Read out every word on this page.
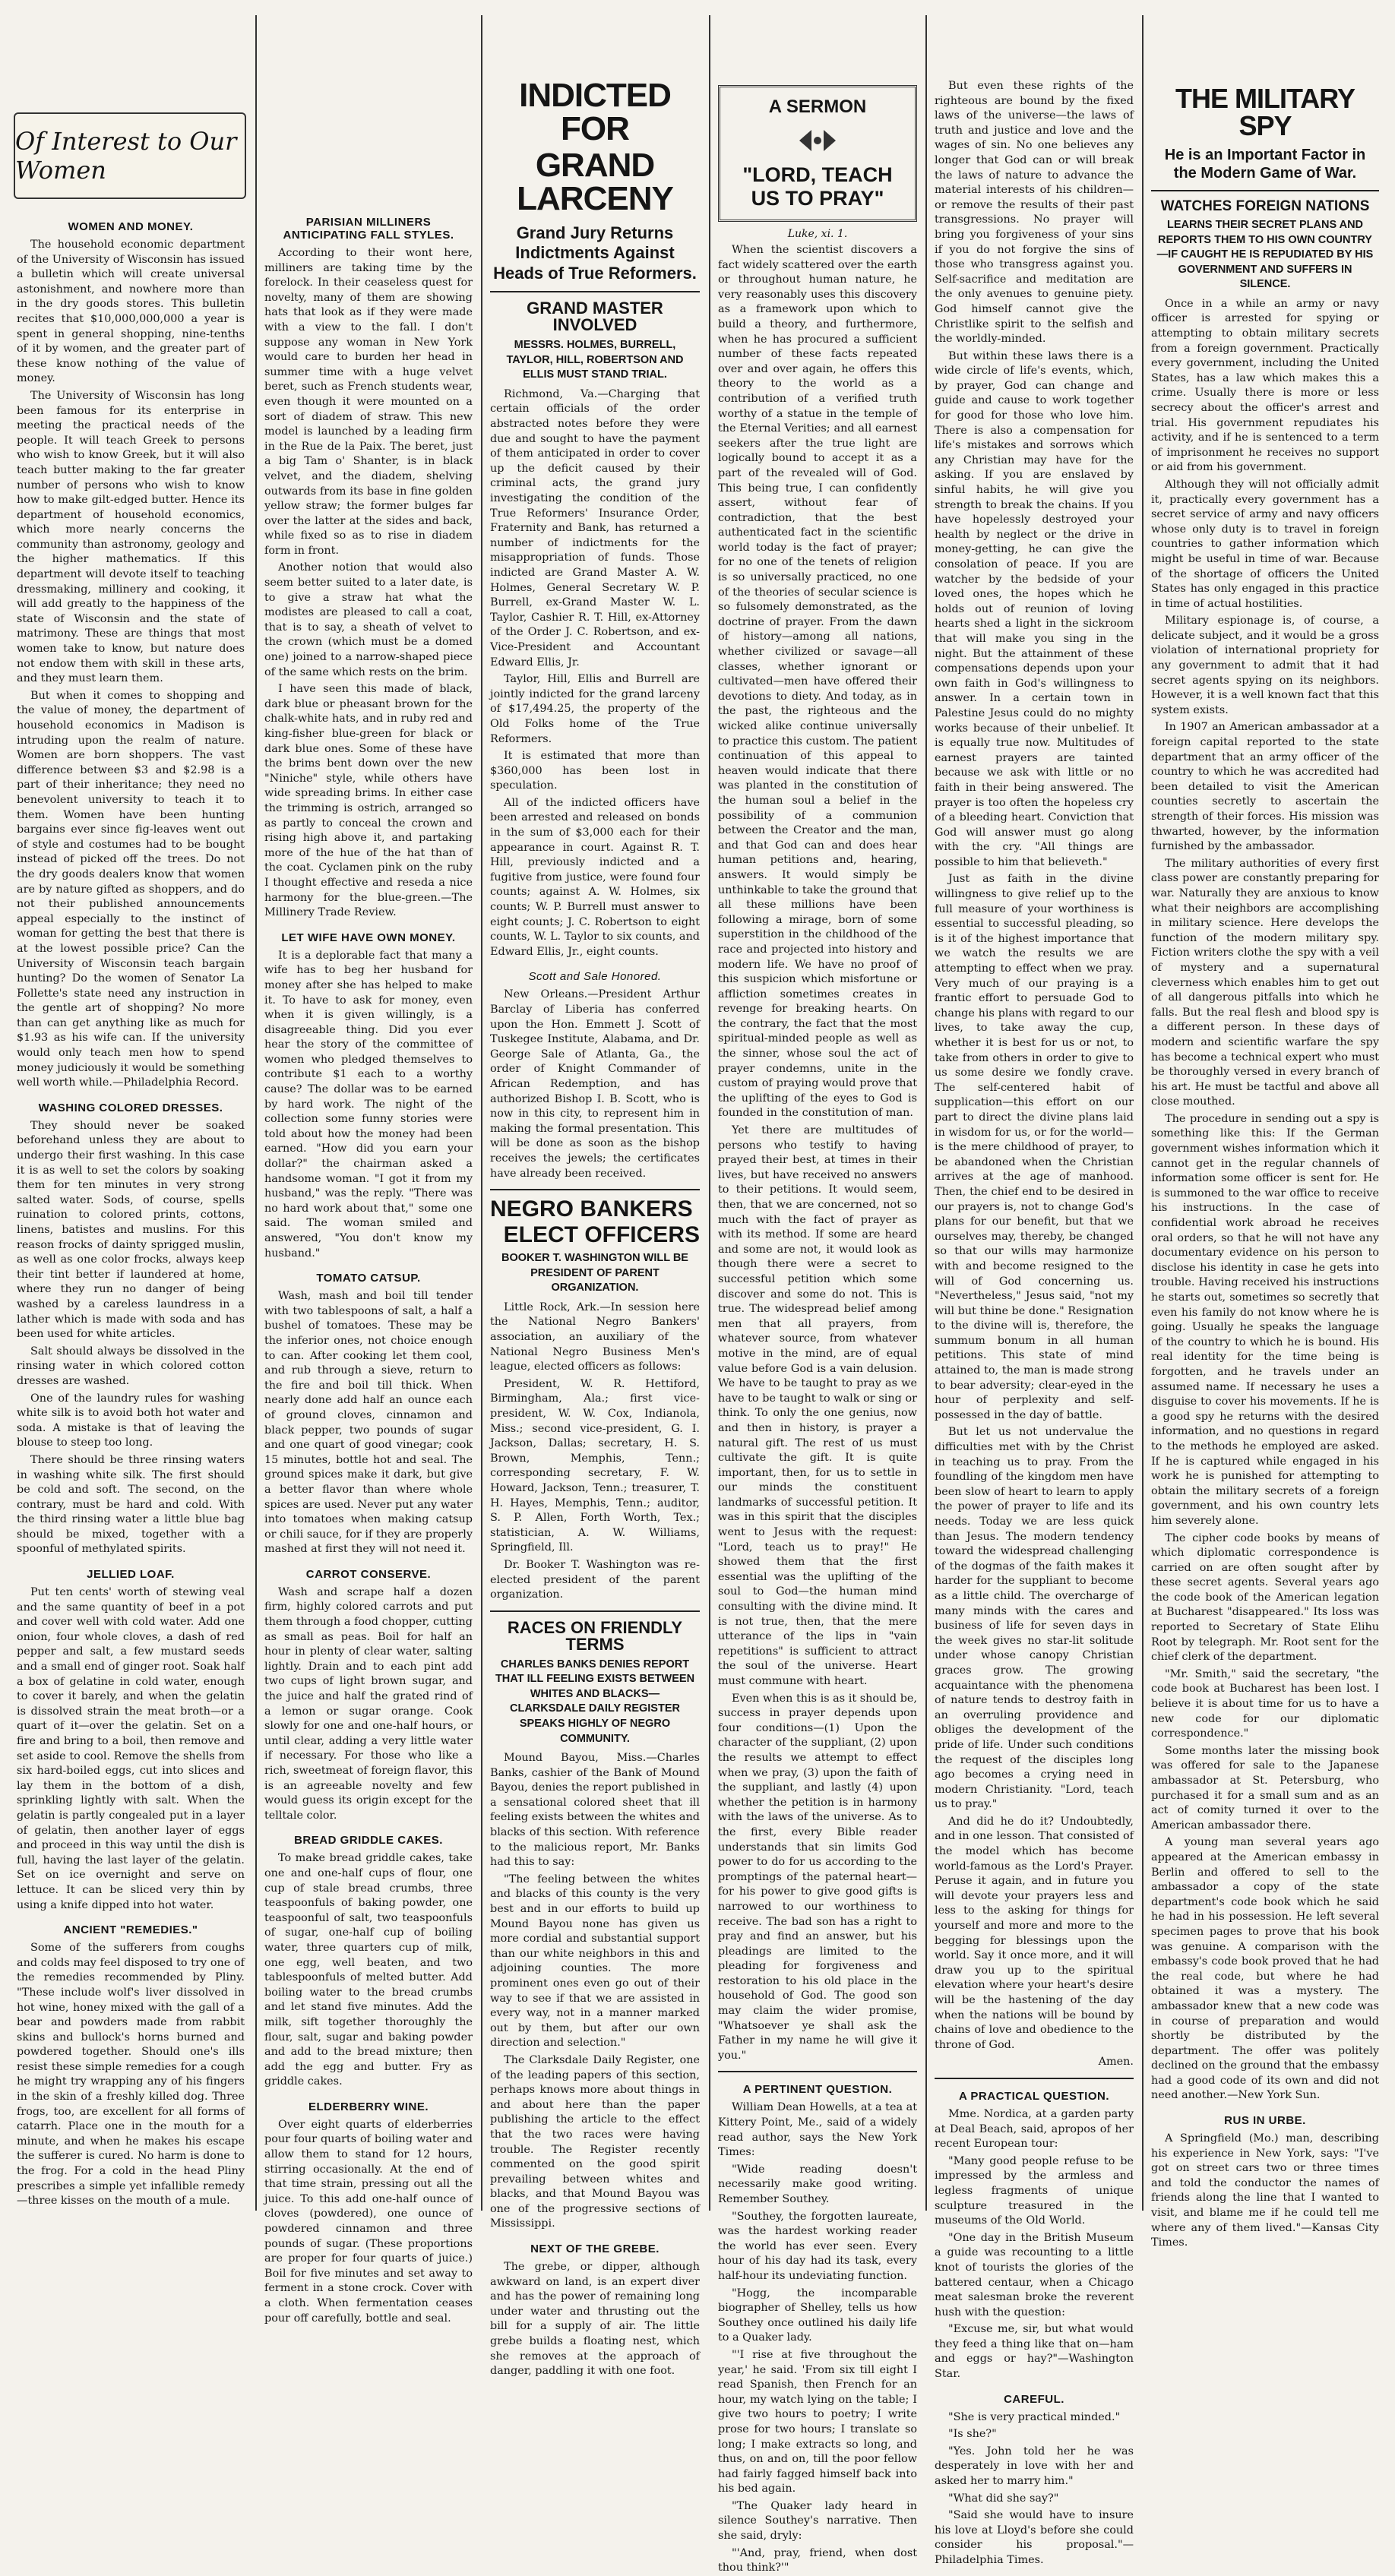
Of Interest to Our Women
WOMEN AND MONEY.

The household economic department of the University of Wisconsin has issued a bulletin which will create universal astonishment, and nowhere more than in the dry goods stores. This bulletin recites that $10,000,000,000 a year is spent in general shopping, nine-tenths of it by women, and the greater part of these know nothing of the value of money.

The University of Wisconsin has long been famous for its enterprise in meeting the practical needs of the people. It will teach Greek to persons who wish to know Greek, but it will also teach butter making to the far greater number of persons who wish to know how to make gilt-edged butter. Hence its department of household economics, which more nearly concerns the community than astronomy, geology and the higher mathematics. If this department will devote itself to teaching dressmaking, millinery and cooking, it will add greatly to the happiness of the state of Wisconsin and the state of matrimony. These are things that most women take to know, but nature does not endow them with skill in these arts, and they must learn them.

But when it comes to shopping and the value of money, the department of household economics in Madison is intruding upon the realm of nature. Women are born shoppers. The vast difference between $3 and $2.98 is a part of their inheritance; they need no benevolent university to teach it to them. Women have been hunting bargains ever since fig-leaves went out of style and costumes had to be bought instead of picked off the trees. Do not the dry goods dealers know that women are by nature gifted as shoppers, and do not their published announcements appeal especially to the instinct of woman for getting the best that there is at the lowest possible price? Can the University of Wisconsin teach bargain hunting? Do the women of Senator La Follette's state need any instruction in the gentle art of shopping? No more than can get anything like as much for $1.93 as his wife can. If the university would only teach men how to spend money judiciously it would be something well worth while.—Philadelphia Record.

WASHING COLORED DRESSES.

They should never be soaked beforehand unless they are about to undergo their first washing. In this case it is as well to set the colors by soaking them for ten minutes in very strong salted water. Sods, of course, spells ruination to colored prints, cottons, linens, batistes and muslins. For this reason frocks of dainty sprigged muslin, as well as one color frocks, always keep their tint better if laundered at home, where they run no danger of being washed by a careless laundress in a lather which is made with soda and has been used for white articles.

Salt should always be dissolved in the rinsing water in which colored cotton dresses are washed.

One of the laundry rules for washing white silk is to avoid both hot water and soda. A mistake is that of leaving the blouse to steep too long.

There should be three rinsing waters in washing white silk. The first should be cold and soft. The second, on the contrary, must be hard and cold. With the third rinsing water a little blue bag should be mixed, together with a spoonful of methylated spirits.

JELLIED LOAF.

Put ten cents' worth of stewing veal and the same quantity of beef in a pot and cover well with cold water. Add one onion, four whole cloves, a dash of red pepper and salt, a few mustard seeds and a small end of ginger root. Soak half a box of gelatine in cold water, enough to cover it barely, and when the gelatin is dissolved strain the meat broth—or a quart of it—over the gelatin. Set on a fire and bring to a boil, then remove and set aside to cool. Remove the shells from six hard-boiled eggs, cut into slices and lay them in the bottom of a dish, sprinkling lightly with salt. When the gelatin is partly congealed put in a layer of gelatin, then another layer of eggs and proceed in this way until the dish is full, having the last layer of the gelatin. Set on ice overnight and serve on lettuce. It can be sliced very thin by using a knife dipped into hot water.

ANCIENT "REMEDIES."

Some of the sufferers from coughs and colds may feel disposed to try one of the remedies recommended by Pliny. "These include wolf's liver dissolved in hot wine, honey mixed with the gall of a bear and powders made from rabbit skins and bullock's horns burned and powdered together. Should one's ills resist these simple remedies for a cough he might try wrapping any of his fingers in the skin of a freshly killed dog. Three frogs, too, are excellent for all forms of catarrh. Place one in the mouth for a minute, and when he makes his escape the sufferer is cured. No harm is done to the frog. For a cold in the head Pliny prescribes a simple yet infallible remedy—three kisses on the mouth of a mule.

PARISIAN MILLINERS ANTICIPATING FALL STYLES.

According to their wont here, milliners are taking time by the forelock. In their ceaseless quest for novelty, many of them are showing hats that look as if they were made with a view to the fall. I don't suppose any woman in New York would care to burden her head in summer time with a huge velvet beret, such as French students wear, even though it were mounted on a sort of diadem of straw. This new model is launched by a leading firm in the Rue de la Paix. The beret, just a big Tam o' Shanter, is in black velvet, and the diadem, shelving outwards from its base in fine golden yellow straw; the former bulges far over the latter at the sides and back, while fixed so as to rise in diadem form in front.

Another notion that would also seem better suited to a later date, is to give a straw hat what the modistes are pleased to call a coat, that is to say, a sheath of velvet to the crown (which must be a domed one) joined to a narrow-shaped piece of the same which rests on the brim.

I have seen this made of black, dark blue or pheasant brown for the chalk-white hats, and in ruby red and king-fisher blue-green for black or dark blue ones. Some of these have the brims bent down over the new "Niniche" style, while others have wide spreading brims. In either case the trimming is ostrich, arranged so as partly to conceal the crown and rising high above it, and partaking more of the hue of the hat than of the coat. Cyclamen pink on the ruby I thought effective and reseda a nice harmony for the blue-green.—The Millinery Trade Review.

LET WIFE HAVE OWN MONEY.

It is a deplorable fact that many a wife has to beg her husband for money after she has helped to make it. To have to ask for money, even when it is given willingly, is a disagreeable thing. Did you ever hear the story of the committee of women who pledged themselves to contribute $1 each to a worthy cause? The dollar was to be earned by hard work. The night of the collection some funny stories were told about how the money had been earned. "How did you earn your dollar?" the chairman asked a handsome woman. "I got it from my husband," was the reply. "There was no hard work about that," some one said. The woman smiled and answered, "You don't know my husband."

TOMATO CATSUP.

Wash, mash and boil till tender with two tablespoons of salt, a half a bushel of tomatoes. These may be the inferior ones, not choice enough to can. After cooking let them cool, and rub through a sieve, return to the fire and boil till thick. When nearly done add half an ounce each of ground cloves, cinnamon and black pepper, two pounds of sugar and one quart of good vinegar; cook 15 minutes, bottle hot and seal. The ground spices make it dark, but give a better flavor than where whole spices are used. Never put any water into tomatoes when making catsup or chili sauce, for if they are properly mashed at first they will not need it.

CARROT CONSERVE.

Wash and scrape half a dozen firm, highly colored carrots and put them through a food chopper, cutting as small as peas. Boil for half an hour in plenty of clear water, salting lightly. Drain and to each pint add two cups of light brown sugar, and the juice and half the grated rind of a lemon or sugar orange. Cook slowly for one and one-half hours, or until clear, adding a very little water if necessary. For those who like a rich, sweetmeat of foreign flavor, this is an agreeable novelty and few would guess its origin except for the telltale color.

BREAD GRIDDLE CAKES.

To make bread griddle cakes, take one and one-half cups of flour, one cup of stale bread crumbs, three teaspoonfuls of baking powder, one teaspoonful of salt, two teaspoonfuls of sugar, one-half cup of boiling water, three quarters cup of milk, one egg, well beaten, and two tablespoonfuls of melted butter. Add boiling water to the bread crumbs and let stand five minutes. Add the milk, sift together thoroughly the flour, salt, sugar and baking powder and add to the bread mixture; then add the egg and butter. Fry as griddle cakes.

ELDERBERRY WINE.

Over eight quarts of elderberries pour four quarts of boiling water and allow them to stand for 12 hours, stirring occasionally. At the end of that time strain, pressing out all the juice. To this add one-half ounce of cloves (powdered), one ounce of powdered cinnamon and three pounds of sugar. (These proportions are proper for four quarts of juice.) Boil for five minutes and set away to ferment in a stone crock. Cover with a cloth. When fermentation ceases pour off carefully, bottle and seal.

INDICTED FOR
GRAND LARCENY
Grand Jury Returns Indictments Against Heads of True Reformers.
GRAND MASTER INVOLVED
MESSRS. HOLMES, BURRELL, TAYLOR, HILL, ROBERTSON AND ELLIS MUST STAND TRIAL.

Richmond, Va.—Charging that certain officials of the order abstracted notes before they were due and sought to have the payment of them anticipated in order to cover up the deficit caused by their criminal acts, the grand jury investigating the condition of the True Reformers' Insurance Order, Fraternity and Bank, has returned a number of indictments for the misappropriation of funds. Those indicted are Grand Master A. W. Holmes, General Secretary W. P. Burrell, ex-Grand Master W. L. Taylor, Cashier R. T. Hill, ex-Attorney of the Order J. C. Robertson, and ex-Vice-President and Accountant Edward Ellis, Jr.

Taylor, Hill, Ellis and Burrell are jointly indicted for the grand larceny of $17,494.25, the property of the Old Folks home of the True Reformers.

It is estimated that more than $360,000 has been lost in speculation.

All of the indicted officers have been arrested and released on bonds in the sum of $3,000 each for their appearance in court. Against R. T. Hill, previously indicted and a fugitive from justice, were found four counts; against A. W. Holmes, six counts; W. P. Burrell must answer to eight counts; J. C. Robertson to eight counts, W. L. Taylor to six counts, and Edward Ellis, Jr., eight counts.

Scott and Sale Honored.

New Orleans.—President Arthur Barclay of Liberia has conferred upon the Hon. Emmett J. Scott of Tuskegee Institute, Alabama, and Dr. George Sale of Atlanta, Ga., the order of Knight Commander of African Redemption, and has authorized Bishop I. B. Scott, who is now in this city, to represent him in making the formal presentation. This will be done as soon as the bishop receives the jewels; the certificates have already been received.

NEGRO BANKERS
ELECT OFFICERS
BOOKER T. WASHINGTON WILL BE PRESIDENT OF PARENT ORGANIZATION.

Little Rock, Ark.—In session here the National Negro Bankers' association, an auxiliary of the National Negro Business Men's league, elected officers as follows:

President, W. R. Hettiford, Birmingham, Ala.; first vice-president, W. W. Cox, Indianola, Miss.; second vice-president, G. I. Jackson, Dallas; secretary, H. S. Brown, Memphis, Tenn.; corresponding secretary, F. W. Howard, Jackson, Tenn.; treasurer, T. H. Hayes, Memphis, Tenn.; auditor, S. P. Allen, Forth Worth, Tex.; statistician, A. W. Williams, Springfield, Ill.

Dr. Booker T. Washington was re-elected president of the parent organization.

RACES ON FRIENDLY TERMS
CHARLES BANKS DENIES REPORT THAT ILL FEELING EXISTS BETWEEN WHITES AND BLACKS—CLARKSDALE DAILY REGISTER SPEAKS HIGHLY OF NEGRO COMMUNITY.

Mound Bayou, Miss.—Charles Banks, cashier of the Bank of Mound Bayou, denies the report published in a sensational colored sheet that ill feeling exists between the whites and blacks of this section. With reference to the malicious report, Mr. Banks had this to say:

"The feeling between the whites and blacks of this county is the very best and in our efforts to build up Mound Bayou none has given us more cordial and substantial support than our white neighbors in this and adjoining counties. The more prominent ones even go out of their way to see if that we are assisted in every way, not in a manner marked out by them, but after our own direction and selection."

The Clarksdale Daily Register, one of the leading papers of this section, perhaps knows more about things in and about here than the paper publishing the article to the effect that the two races were having trouble. The Register recently commented on the good spirit prevailing between whites and blacks, and that Mound Bayou was one of the progressive sections of Mississippi.

NEXT OF THE GREBE.

The grebe, or dipper, although awkward on land, is an expert diver and has the power of remaining long under water and thrusting out the bill for a supply of air. The little grebe builds a floating nest, which she removes at the approach of danger, paddling it with one foot.

A SERMON
"LORD, TEACH
US TO PRAY"
Luke, xi. 1.

When the scientist discovers a fact widely scattered over the earth or throughout human nature, he very reasonably uses this discovery as a framework upon which to build a theory, and furthermore, when he has procured a sufficient number of these facts repeated over and over again, he offers this theory to the world as a contribution of a verified truth worthy of a statue in the temple of the Eternal Verities; and all earnest seekers after the true light are logically bound to accept it as a part of the revealed will of God. This being true, I can confidently assert, without fear of contradiction, that the best authenticated fact in the scientific world today is the fact of prayer; for no one of the tenets of religion is so universally practiced, no one of the theories of secular science is so fulsomely demonstrated, as the doctrine of prayer. From the dawn of history—among all nations, whether civilized or savage—all classes, whether ignorant or cultivated—men have offered their devotions to diety. And today, as in the past, the righteous and the wicked alike continue universally to practice this custom. The patient continuation of this appeal to heaven would indicate that there was planted in the constitution of the human soul a belief in the possibility of a communion between the Creator and the man, and that God can and does hear human petitions and, hearing, answers. It would simply be unthinkable to take the ground that all these millions have been following a mirage, born of some superstition in the childhood of the race and projected into history and modern life. We have no proof of this suspicion which misfortune or affliction sometimes creates in revenge for breaking hearts. On the contrary, the fact that the most spiritual-minded people as well as the sinner, whose soul the act of prayer condemns, unite in the custom of praying would prove that the uplifting of the eyes to God is founded in the constitution of man.

Yet there are multitudes of persons who testify to having prayed their best, at times in their lives, but have received no answers to their petitions. It would seem, then, that we are concerned, not so much with the fact of prayer as with its method. If some are heard and some are not, it would look as though there were a secret to successful petition which some discover and some do not. This is true. The widespread belief among men that all prayers, from whatever source, from whatever motive in the mind, are of equal value before God is a vain delusion. We have to be taught to pray as we have to be taught to walk or sing or think. To only the one genius, now and then in history, is prayer a natural gift. The rest of us must cultivate the gift. It is quite important, then, for us to settle in our minds the constituent landmarks of successful petition. It was in this spirit that the disciples went to Jesus with the request: "Lord, teach us to pray!" He showed them that the first essential was the uplifting of the soul to God—the human mind consulting with the divine mind. It is not true, then, that the mere utterance of the lips in "vain repetitions" is sufficient to attract the soul of the universe. Heart must commune with heart.

Even when this is as it should be, success in prayer depends upon four conditions—(1) Upon the character of the suppliant, (2) upon the results we attempt to effect when we pray, (3) upon the faith of the suppliant, and lastly (4) upon whether the petition is in harmony with the laws of the universe. As to the first, every Bible reader understands that sin limits God power to do for us according to the promptings of the paternal heart—for his power to give good gifts is narrowed to our worthiness to receive. The bad son has a right to pray and find an answer, but his pleadings are limited to the pleading for forgiveness and restoration to his old place in the household of God. The good son may claim the wider promise, "Whatsoever ye shall ask the Father in my name he will give it you."

A PERTINENT QUESTION.

William Dean Howells, at a tea at Kittery Point, Me., said of a widely read author, says the New York Times:

"Wide reading doesn't necessarily make good writing. Remember Southey.

"Southey, the forgotten laureate, was the hardest working reader the world has ever seen. Every hour of his day had its task, every half-hour its undeviating function.

"Hogg, the incomparable biographer of Shelley, tells us how Southey once outlined his daily life to a Quaker lady.

"'I rise at five throughout the year,' he said. 'From six till eight I read Spanish, then French for an hour, my watch lying on the table; I give two hours to poetry; I write prose for two hours; I translate so long; I make extracts so long, and thus, on and on, till the poor fellow had fairly fagged himself back into his bed again.

"The Quaker lady heard in silence Southey's narrative. Then she said, dryly:

"'And, pray, friend, when dost thou think?'"

But even these rights of the righteous are bound by the fixed laws of the universe—the laws of truth and justice and love and the wages of sin. No one believes any longer that God can or will break the laws of nature to advance the material interests of his children—or remove the results of their past transgressions. No prayer will bring you forgiveness of your sins if you do not forgive the sins of those who transgress against you. Self-sacrifice and meditation are the only avenues to genuine piety. God himself cannot give the Christlike spirit to the selfish and the worldly-minded.

But within these laws there is a wide circle of life's events, which, by prayer, God can change and guide and cause to work together for good for those who love him. There is also a compensation for life's mistakes and sorrows which any Christian may have for the asking. If you are enslaved by sinful habits, he will give you strength to break the chains. If you have hopelessly destroyed your health by neglect or the drive in money-getting, he can give the consolation of peace. If you are watcher by the bedside of your loved ones, the hopes which he holds out of reunion of loving hearts shed a light in the sickroom that will make you sing in the night. But the attainment of these compensations depends upon your own faith in God's willingness to answer. In a certain town in Palestine Jesus could do no mighty works because of their unbelief. It is equally true now. Multitudes of earnest prayers are tainted because we ask with little or no faith in their being answered. The prayer is too often the hopeless cry of a bleeding heart. Conviction that God will answer must go along with the cry. "All things are possible to him that believeth."

Just as faith in the divine willingness to give relief up to the full measure of your worthiness is essential to successful pleading, so is it of the highest importance that we watch the results we are attempting to effect when we pray. Very much of our praying is a frantic effort to persuade God to change his plans with regard to our lives, to take away the cup, whether it is best for us or not, to take from others in order to give to us some desire we fondly crave. The self-centered habit of supplication—this effort on our part to direct the divine plans laid in wisdom for us, or for the world—is the mere childhood of prayer, to be abandoned when the Christian arrives at the age of manhood. Then, the chief end to be desired in our prayers is, not to change God's plans for our benefit, but that we ourselves may, thereby, be changed so that our wills may harmonize with and become resigned to the will of God concerning us. "Nevertheless," Jesus said, "not my will but thine be done." Resignation to the divine will is, therefore, the summum bonum in all human petitions. This state of mind attained to, the man is made strong to bear adversity; clear-eyed in the hour of perplexity and self-possessed in the day of battle.

But let us not undervalue the difficulties met with by the Christ in teaching us to pray. From the foundling of the kingdom men have been slow of heart to learn to apply the power of prayer to life and its needs. Today we are less quick than Jesus. The modern tendency toward the widespread challenging of the dogmas of the faith makes it harder for the suppliant to become as a little child. The overcharge of many minds with the cares and business of life for seven days in the week gives no star-lit solitude under whose canopy Christian graces grow. The growing acquaintance with the phenomena of nature tends to destroy faith in an overruling providence and obliges the development of the pride of life. Under such conditions the request of the disciples long ago becomes a crying need in modern Christianity. "Lord, teach us to pray."

And did he do it? Undoubtedly, and in one lesson. That consisted of the model which has become world-famous as the Lord's Prayer. Peruse it again, and in future you will devote your prayers less and less to the asking for things for yourself and more and more to the begging for blessings upon the world. Say it once more, and it will draw you up to the spiritual elevation where your heart's desire will be the hastening of the day when the nations will be bound by chains of love and obedience to the throne of God.

Amen.

A PRACTICAL QUESTION.

Mme. Nordica, at a garden party at Deal Beach, said, apropos of her recent European tour:

"Many good people refuse to be impressed by the armless and legless fragments of unique sculpture treasured in the museums of the Old World.

"One day in the British Museum a guide was recounting to a little knot of tourists the glories of the battered centaur, when a Chicago meat salesman broke the reverent hush with the question:

"Excuse me, sir, but what would they feed a thing like that on—ham and eggs or hay?"—Washington Star.

CAREFUL.

"She is very practical minded."

"Is she?"

"Yes. John told her he was desperately in love with her and asked her to marry him."

"What did she say?"

"Said she would have to insure his love at Lloyd's before she could consider his proposal."—Philadelphia Times.

THE MILITARY SPY
He is an Important Factor in the Modern Game of War.
WATCHES FOREIGN NATIONS
LEARNS THEIR SECRET PLANS AND REPORTS THEM TO HIS OWN COUNTRY—IF CAUGHT HE IS REPUDIATED BY HIS GOVERNMENT AND SUFFERS IN SILENCE.

Once in a while an army or navy officer is arrested for spying or attempting to obtain military secrets from a foreign government. Practically every government, including the United States, has a law which makes this a crime. Usually there is more or less secrecy about the officer's arrest and trial. His government repudiates his activity, and if he is sentenced to a term of imprisonment he receives no support or aid from his government.

Although they will not officially admit it, practically every government has a secret service of army and navy officers whose only duty is to travel in foreign countries to gather information which might be useful in time of war. Because of the shortage of officers the United States has only engaged in this practice in time of actual hostilities.

Military espionage is, of course, a delicate subject, and it would be a gross violation of international propriety for any government to admit that it had secret agents spying on its neighbors. However, it is a well known fact that this system exists.

In 1907 an American ambassador at a foreign capital reported to the state department that an army officer of the country to which he was accredited had been detailed to visit the American counties secretly to ascertain the strength of their forces. His mission was thwarted, however, by the information furnished by the ambassador.

The military authorities of every first class power are constantly preparing for war. Naturally they are anxious to know what their neighbors are accomplishing in military science. Here develops the function of the modern military spy. Fiction writers clothe the spy with a veil of mystery and a supernatural cleverness which enables him to get out of all dangerous pitfalls into which he falls. But the real flesh and blood spy is a different person. In these days of modern and scientific warfare the spy has become a technical expert who must be thoroughly versed in every branch of his art. He must be tactful and above all close mouthed.

The procedure in sending out a spy is something like this: If the German government wishes information which it cannot get in the regular channels of information some officer is sent for. He is summoned to the war office to receive his instructions. In the case of confidential work abroad he receives oral orders, so that he will not have any documentary evidence on his person to disclose his identity in case he gets into trouble. Having received his instructions he starts out, sometimes so secretly that even his family do not know where he is going. Usually he speaks the language of the country to which he is bound. His real identity for the time being is forgotten, and he travels under an assumed name. If necessary he uses a disguise to cover his movements. If he is a good spy he returns with the desired information, and no questions in regard to the methods he employed are asked. If he is captured while engaged in his work he is punished for attempting to obtain the military secrets of a foreign government, and his own country lets him severely alone.

The cipher code books by means of which diplomatic correspondence is carried on are often sought after by these secret agents. Several years ago the code book of the American legation at Bucharest "disappeared." Its loss was reported to Secretary of State Elihu Root by telegraph. Mr. Root sent for the chief clerk of the department.

"Mr. Smith," said the secretary, "the code book at Bucharest has been lost. I believe it is about time for us to have a new code for our diplomatic correspondence."

Some months later the missing book was offered for sale to the Japanese ambassador at St. Petersburg, who purchased it for a small sum and as an act of comity turned it over to the American ambassador there.

A young man several years ago appeared at the American embassy in Berlin and offered to sell to the ambassador a copy of the state department's code book which he said he had in his possession. He left several specimen pages to prove that his book was genuine. A comparison with the embassy's code book proved that he had the real code, but where he had obtained it was a mystery. The ambassador knew that a new code was in course of preparation and would shortly be distributed by the department. The offer was politely declined on the ground that the embassy had a good code of its own and did not need another.—New York Sun.

RUS IN URBE.

A Springfield (Mo.) man, describing his experience in New York, says: "I've got on street cars two or three times and told the conductor the names of friends along the line that I wanted to visit, and blame me if he could tell me where any of them lived."—Kansas City Times.
